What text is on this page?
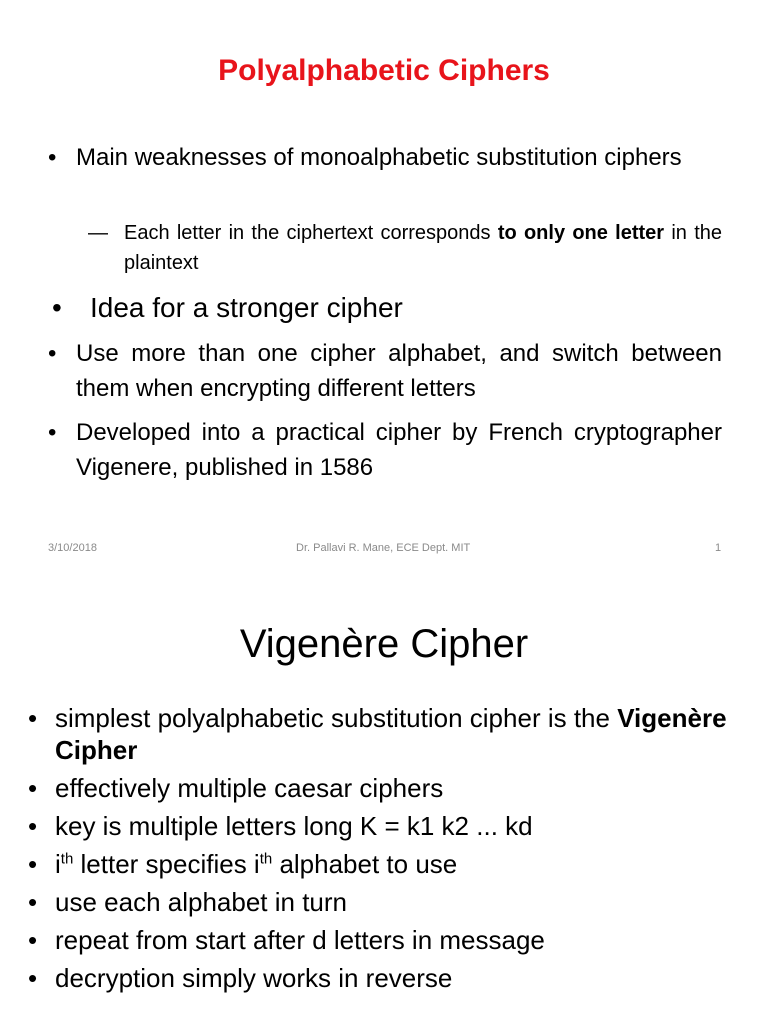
Polyalphabetic Ciphers
• Main weaknesses of monoalphabetic substitution ciphers
— Each letter in the ciphertext corresponds to only one letter in the plaintext
• Idea for a stronger cipher
• Use more than one cipher alphabet, and switch between them when encrypting different letters
• Developed into a practical cipher by French cryptographer Vigenere, published in 1586
3/10/2018	Dr. Pallavi R. Mane, ECE Dept. MIT	1
Vigenère Cipher
• simplest polyalphabetic substitution cipher is the Vigenère Cipher
• effectively multiple caesar ciphers
• key is multiple letters long K = k1 k2 ... kd
• $i^{th}$ letter specifies $i^{th}$ alphabet to use
• use each alphabet in turn
• repeat from start after d letters in message
• decryption simply works in reverse
